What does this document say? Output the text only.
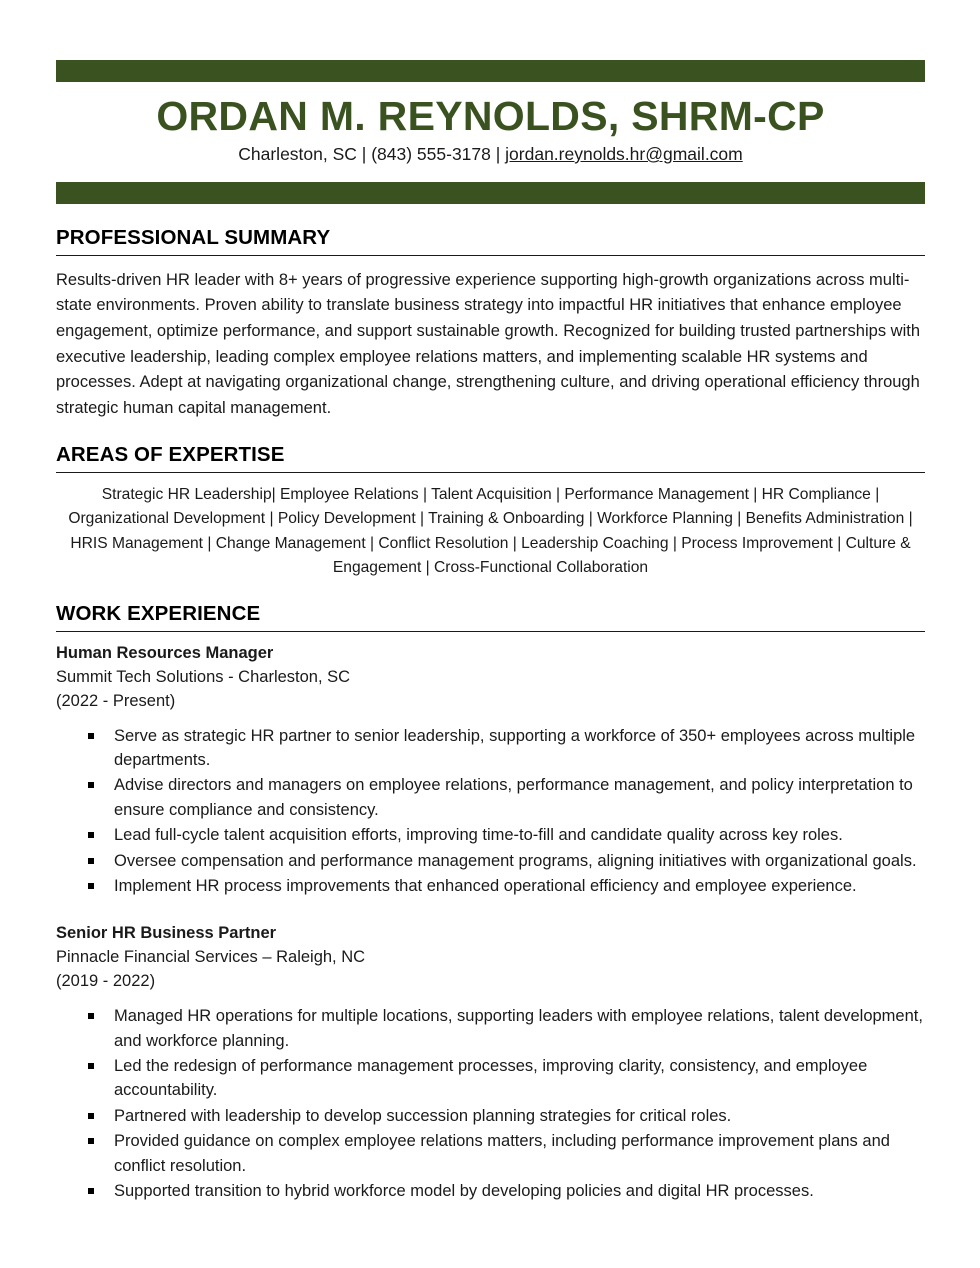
ORDAN M. REYNOLDS, SHRM-CP
Charleston, SC | (843) 555-3178 | jordan.reynolds.hr@gmail.com
PROFESSIONAL SUMMARY
Results-driven HR leader with 8+ years of progressive experience supporting high-growth organizations across multi-state environments. Proven ability to translate business strategy into impactful HR initiatives that enhance employee engagement, optimize performance, and support sustainable growth. Recognized for building trusted partnerships with executive leadership, leading complex employee relations matters, and implementing scalable HR systems and processes. Adept at navigating organizational change, strengthening culture, and driving operational efficiency through strategic human capital management.
AREAS OF EXPERTISE
Strategic HR Leadership| Employee Relations | Talent Acquisition | Performance Management | HR Compliance | Organizational Development | Policy Development | Training & Onboarding | Workforce Planning | Benefits Administration | HRIS Management | Change Management | Conflict Resolution | Leadership Coaching | Process Improvement | Culture & Engagement | Cross-Functional Collaboration
WORK EXPERIENCE
Human Resources Manager
Summit Tech Solutions - Charleston, SC
(2022 - Present)
Serve as strategic HR partner to senior leadership, supporting a workforce of 350+ employees across multiple departments.
Advise directors and managers on employee relations, performance management, and policy interpretation to ensure compliance and consistency.
Lead full-cycle talent acquisition efforts, improving time-to-fill and candidate quality across key roles.
Oversee compensation and performance management programs, aligning initiatives with organizational goals.
Implement HR process improvements that enhanced operational efficiency and employee experience.
Senior HR Business Partner
Pinnacle Financial Services – Raleigh, NC
(2019 - 2022)
Managed HR operations for multiple locations, supporting leaders with employee relations, talent development, and workforce planning.
Led the redesign of performance management processes, improving clarity, consistency, and employee accountability.
Partnered with leadership to develop succession planning strategies for critical roles.
Provided guidance on complex employee relations matters, including performance improvement plans and conflict resolution.
Supported transition to hybrid workforce model by developing policies and digital HR processes.
